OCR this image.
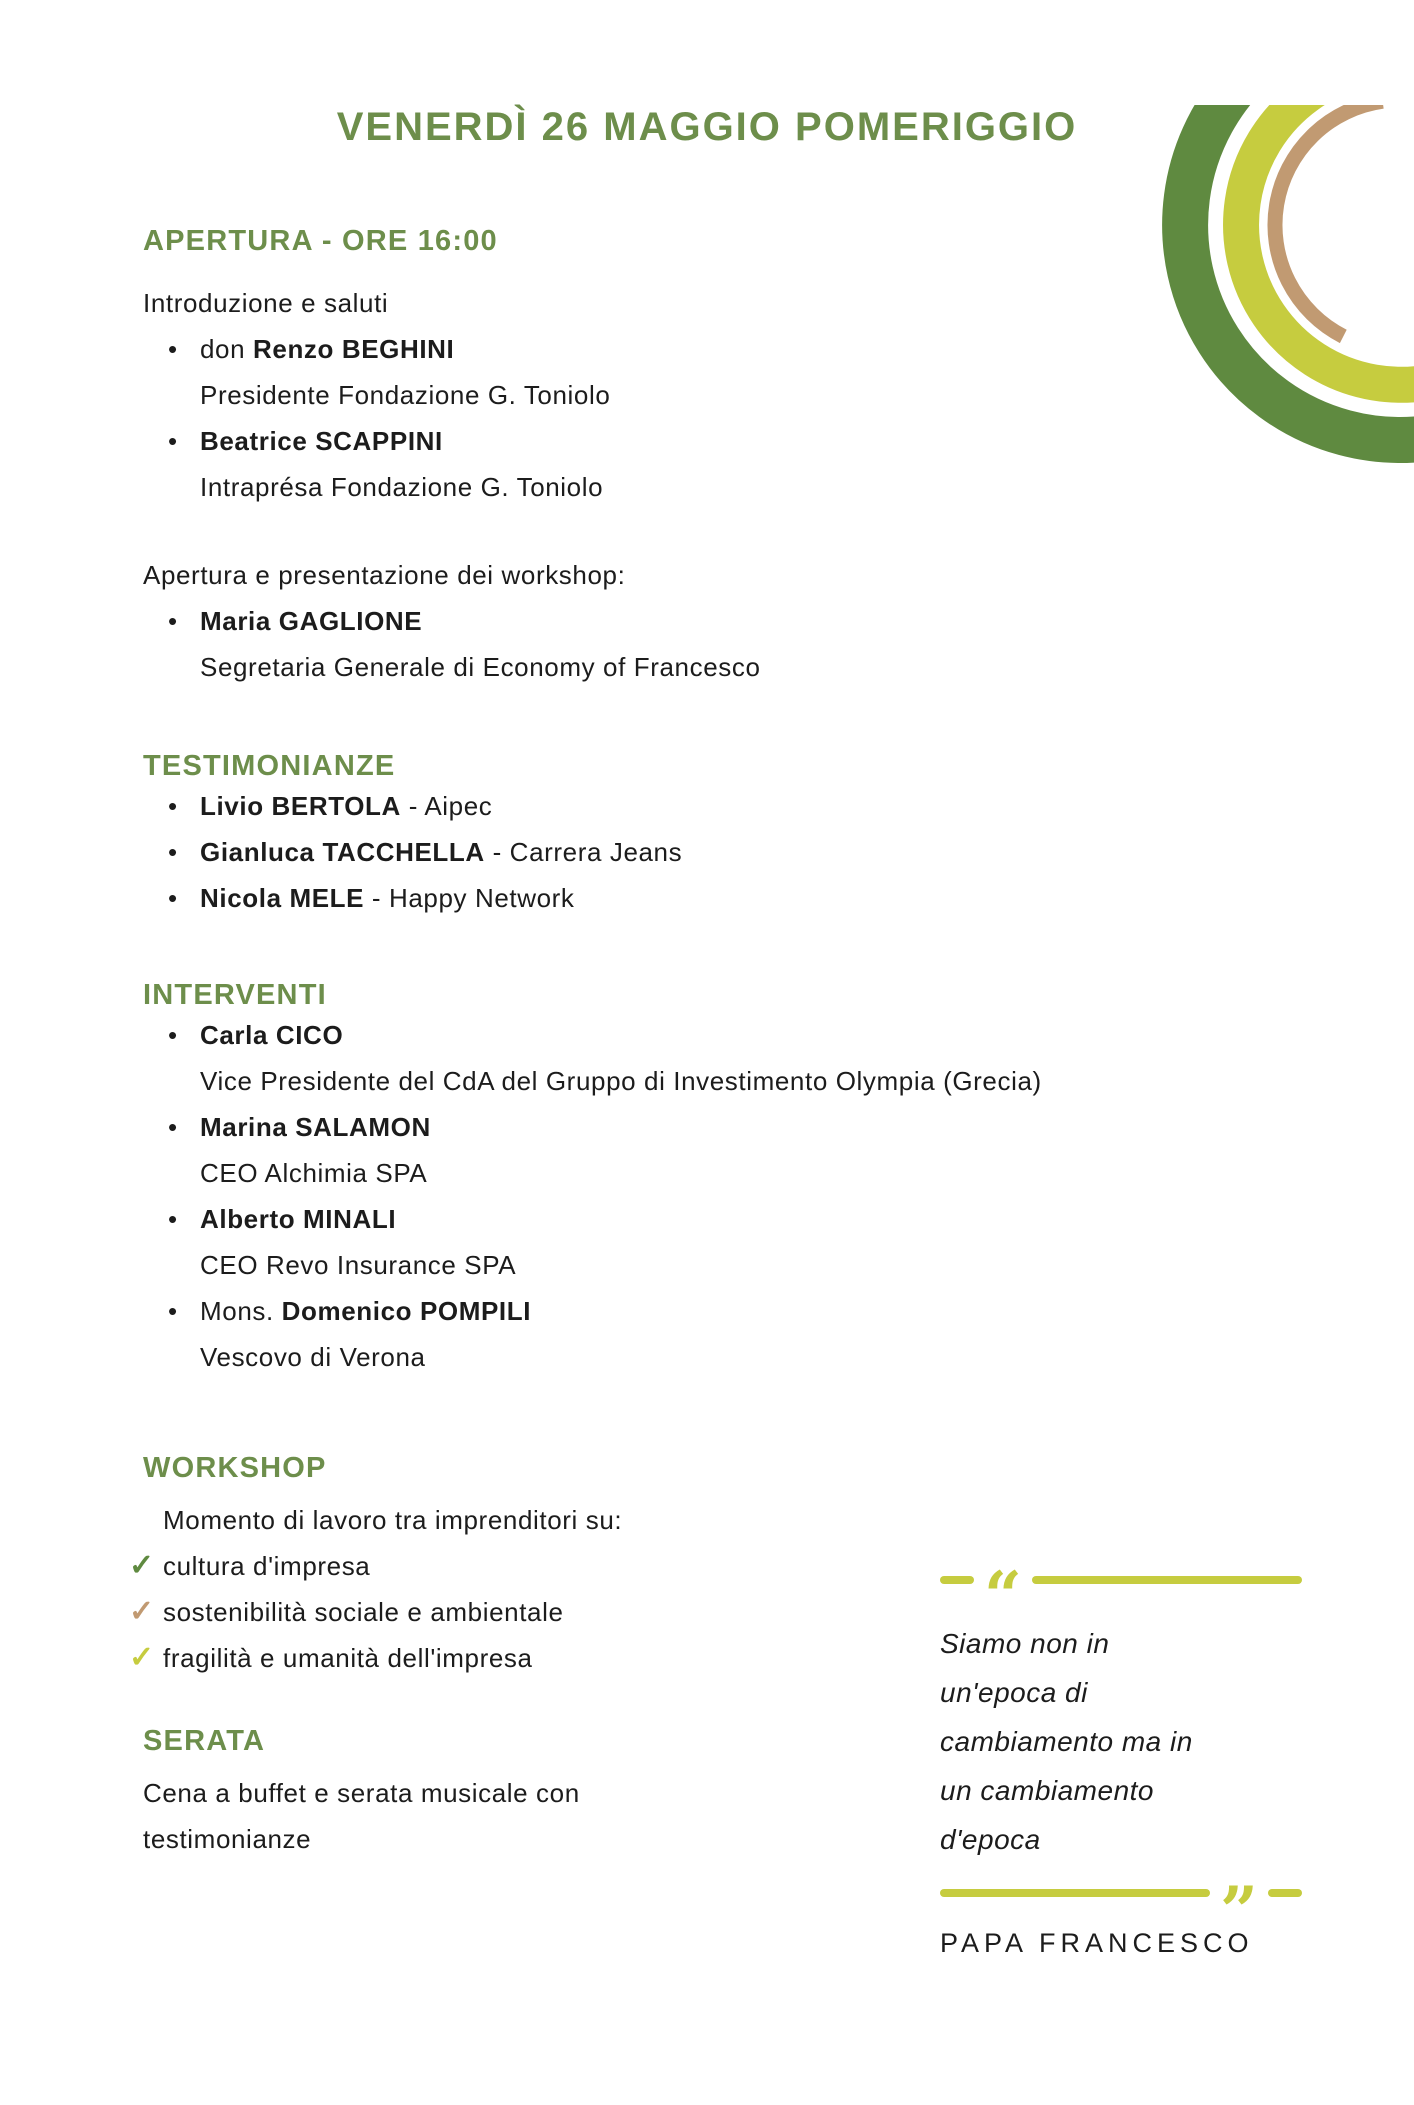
VENERDÌ 26 MAGGIO POMERIGGIO
APERTURA - ORE 16:00
Introduzione e saluti
• don Renzo BEGHINI
Presidente Fondazione G. Toniolo
• Beatrice SCAPPINI
Intraprésa Fondazione G. Toniolo
Apertura e presentazione dei workshop:
• Maria GAGLIONE
Segretaria Generale di Economy of Francesco
TESTIMONIANZE
• Livio BERTOLA - Aipec
• Gianluca TACCHELLA - Carrera Jeans
• Nicola MELE - Happy Network
INTERVENTI
• Carla CICO
Vice Presidente del CdA del Gruppo di Investimento Olympia (Grecia)
• Marina SALAMON
CEO Alchimia SPA
• Alberto MINALI
CEO Revo Insurance SPA
• Mons. Domenico POMPILI
Vescovo di Verona
WORKSHOP
Momento di lavoro tra imprenditori su:
✓ cultura d'impresa
✓ sostenibilità sociale e ambientale
✓ fragilità e umanità dell'impresa
SERATA
Cena a buffet e serata musicale con testimonianze
“
Siamo non in
un'epoca di
cambiamento ma in
un cambiamento
d'epoca
”
PAPA FRANCESCO
